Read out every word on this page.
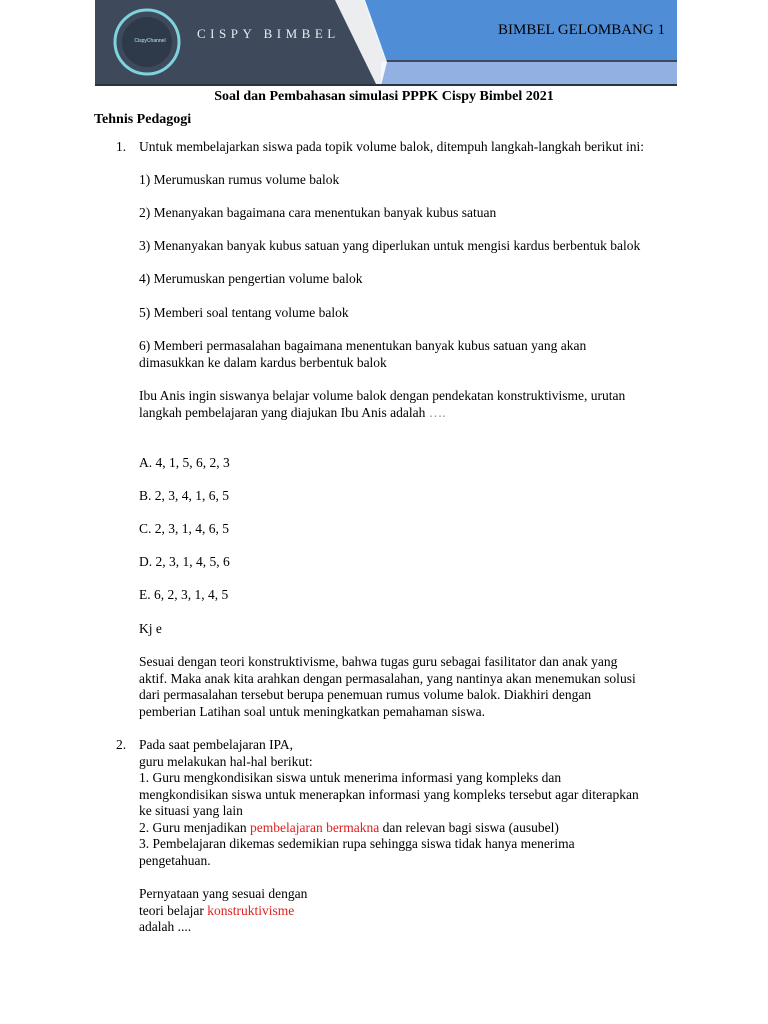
CispyChannel	CISPY BIMBEL	BIMBEL GELOMBANG 1
Soal dan Pembahasan simulasi PPPK Cispy Bimbel 2021
Tehnis Pedagogi
1. Untuk membelajarkan siswa pada topik volume balok, ditempuh langkah-langkah berikut ini:
1) Merumuskan rumus volume balok
2) Menanyakan bagaimana cara menentukan banyak kubus satuan
3) Menanyakan banyak kubus satuan yang diperlukan untuk mengisi kardus berbentuk balok
4) Merumuskan pengertian volume balok
5) Memberi soal tentang volume balok
6) Memberi permasalahan bagaimana menentukan banyak kubus satuan yang akan
dimasukkan ke dalam kardus berbentuk balok
Ibu Anis ingin siswanya belajar volume balok dengan pendekatan konstruktivisme, urutan
langkah pembelajaran yang diajukan Ibu Anis adalah ….
A. 4, 1, 5, 6, 2, 3
B. 2, 3, 4, 1, 6, 5
C. 2, 3, 1, 4, 6, 5
D. 2, 3, 1, 4, 5, 6
E. 6, 2, 3, 1, 4, 5
Kj e
Sesuai dengan teori konstruktivisme, bahwa tugas guru sebagai fasilitator dan anak yang
aktif. Maka anak kita arahkan dengan permasalahan, yang nantinya akan menemukan solusi
dari permasalahan tersebut berupa penemuan rumus volume balok. Diakhiri dengan
pemberian Latihan soal untuk meningkatkan pemahaman siswa.
2. Pada saat pembelajaran IPA,
guru melakukan hal-hal berikut:
1. Guru mengkondisikan siswa untuk menerima informasi yang kompleks dan
mengkondisikan siswa untuk menerapkan informasi yang kompleks tersebut agar diterapkan
ke situasi yang lain
2. Guru menjadikan pembelajaran bermakna dan relevan bagi siswa (ausubel)
3. Pembelajaran dikemas sedemikian rupa sehingga siswa tidak hanya menerima
pengetahuan.
Pernyataan yang sesuai dengan
teori belajar konstruktivisme
adalah ....
